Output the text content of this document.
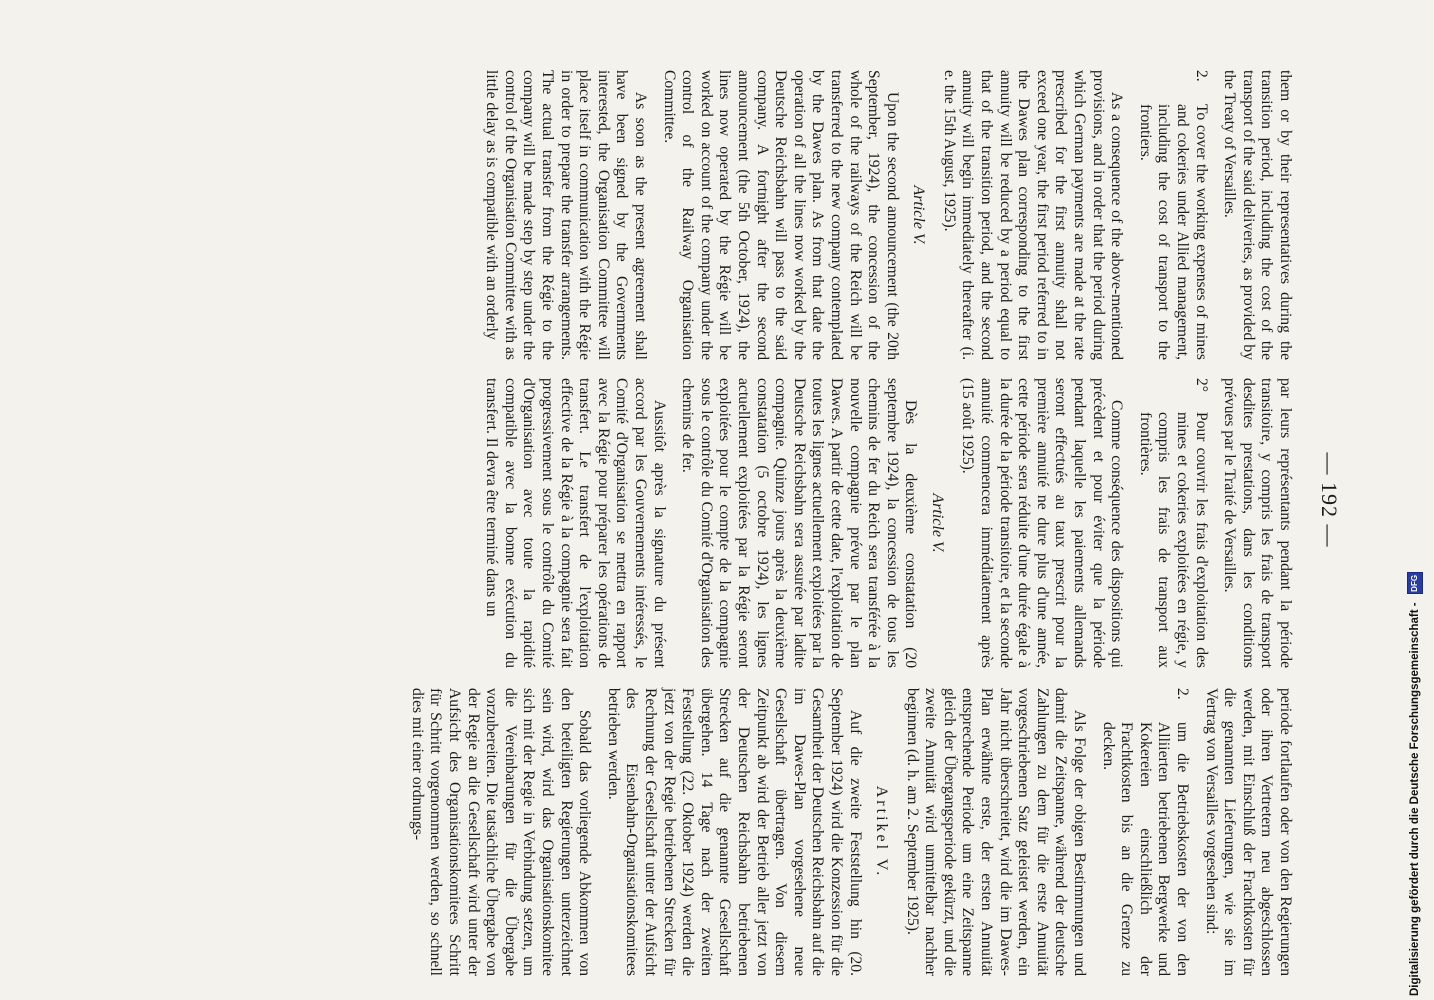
— 192 —

them or by their representatives during the transition period, including the cost of the transport of the said deliveries, as provided by the Treaty of Versailles.

2.
To cover the working expenses of mines and cokeries under Allied management, including the cost of transport to the frontiers.

As a consequence of the above-mentioned provisions, and in order that the period during which German payments are made at the rate prescribed for the first annuity shall not exceed one year, the first period referred to in the Dawes plan corresponding to the first annuity will be reduced by a period equal to that of the transition period, and the second annuity will begin immediately thereafter (i. e. the 15th August, 1925).

Article V.

Upon the second announcement (the 20th September, 1924), the concession of the whole of the railways of the Reich will be transferred to the new company contemplated by the Dawes plan. As from that date the operation of all the lines now worked by the Deutsche Reichsbahn will pass to the said company. A fortnight after the second announcement (the 5th October, 1924), the lines now operated by the Régie will be worked on account of the company under the control of the Railway Organisation Committee.

As soon as the present agreement shall have been signed by the Governments interested, the Organisation Committee will place itself in communication with the Régie in order to prepare the transfer arrangements. The actual transfer from the Régie to the company will be made step by step under the control of the Organisation Committee with as little delay as is compatible with an orderly

par leurs représentants pendant la période transitoire, y compris les frais de transport desdites prestations, dans les conditions prévues par le Traité de Versailles.

2°
Pour couvrir les frais d'exploitation des mines et cokeries exploitées en régie, y compris les frais de transport aux frontières.

Comme conséquence des dispositions qui précèdent et pour éviter que la période pendant laquelle les paiements allemands seront effectués au taux prescrit pour la première annuité ne dure plus d'une année, cette période sera réduite d'une durée égale à la durée de la période transitoire, et la seconde annuité commencera immédiatement après (15 août 1925).

Article V.

Dès la deuxième constatation (20 septembre 1924), la concession de tous les chemins de fer du Reich sera transférée à la nouvelle compagnie prévue par le plan Dawes. A partir de cette date, l'exploitation de toutes les lignes actuellement exploitées par la Deutsche Reichsbahn sera assurée par ladite compagnie. Quinze jours après la deuxième constatation (5 octobre 1924), les lignes actuellement exploitées par la Régie seront exploitées pour le compte de la compagnie sous le contrôle du Comité d'Organisation des chemins de fer.

Aussitôt après la signature du présent accord par les Gouvernements intéressés, le Comité d'Organisation se mettra en rapport avec la Régie pour préparer les opérations de transfert. Le transfert de l'exploitation effective de la Régie à la compagnie sera fait progressivement sous le contrôle du Comité d'Organisation avec toute la rapidité compatible avec la bonne exécution du transfert. Il devra être terminé dans un

periode fortlaufen oder von den Regierungen oder ihren Vertretern neu abgeschlossen werden, mit Einschluß der Frachtkosten für die genannten Lieferungen, wie sie im Vertrag von Versailles vorgesehen sind:

2.
um die Betriebskosten der von den Alliierten betriebenen Bergwerke und Kokereien einschließlich der Frachtkosten bis an die Grenze zu decken.

Als Folge der obigen Bestimmungen und damit die Zeitspanne, während der deutsche Zahlungen zu dem für die erste Annuität vorgeschriebenen Satz geleistet werden, ein Jahr nicht überschreitet, wird die im Dawes-Plan erwähnte erste, der ersten Annuität entsprechende Periode um eine Zeitspanne gleich der Übergangsperiode gekürzt, und die zweite Annuität wird unmittelbar nachher beginnen (d. h. am 2. September 1925).

Artikel V.

Auf die zweite Feststellung hin (20. September 1924) wird die Konzession für die Gesamtheit der Deutschen Reichsbahn auf die im Dawes-Plan vorgesehene neue Gesellschaft übertragen. Von diesem Zeitpunkt ab wird der Betrieb aller jetzt von der Deutschen Reichsbahn betriebenen Strecken auf die genannte Gesellschaft übergehen. 14 Tage nach der zweiten Feststellung (22. Oktober 1924) werden die jetzt von der Regie betriebenen Strecken für Rechnung der Gesellschaft unter der Aufsicht des Eisenbahn-Organisationskomitees betrieben werden.

Sobald das vorliegende Abkommen von den beteiligten Regierungen unterzeichnet sein wird, wird das Organisationskomitee sich mit der Regie in Verbindung setzen, um die Vereinbarungen für die Übergabe vorzubereiten. Die tatsächliche Übergabe von der Regie an die Gesellschaft wird unter der Aufsicht des Organisationskomitees Schritt für Schritt vorgenommen werden, so schnell dies mit einer ordnungs-	Digitalisierung gefördert durch die Deutsche Forschungsgemeinschaft -
DFG
